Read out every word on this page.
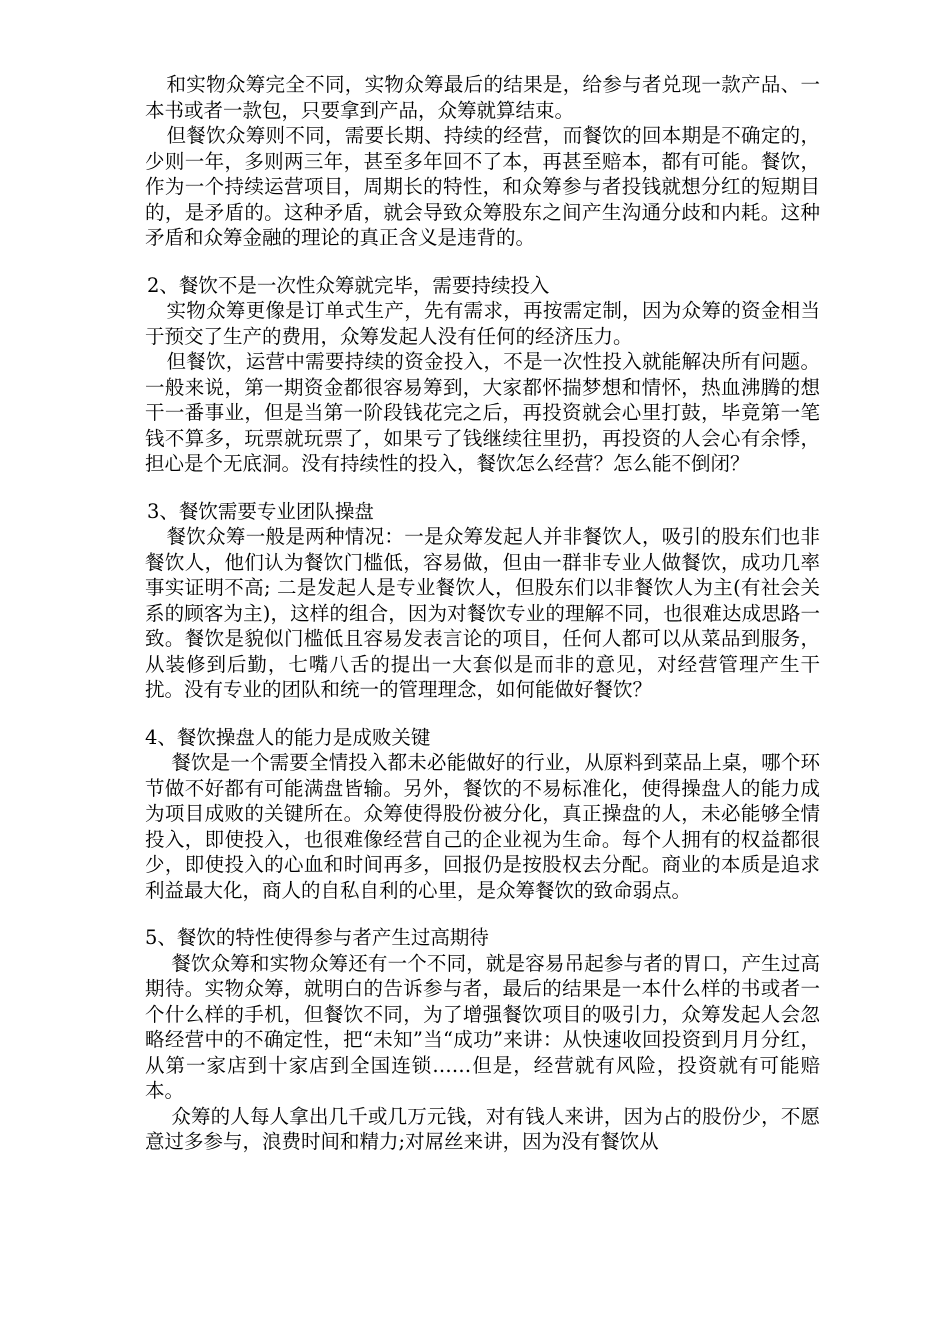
和实物众筹完全不同，实物众筹最后的结果是，给参与者兑现一款产品、一本书或者一款包，只要拿到产品，众筹就算结束。

但餐饮众筹则不同，需要长期、持续的经营，而餐饮的回本期是不确定的，少则一年，多则两三年，甚至多年回不了本，再甚至赔本，都有可能。餐饮，作为一个持续运营项目，周期长的特性，和众筹参与者投钱就想分红的短期目的，是矛盾的。这种矛盾，就会导致众筹股东之间产生沟通分歧和内耗。这种矛盾和众筹金融的理论的真正含义是违背的。

2、餐饮不是一次性众筹就完毕，需要持续投入

实物众筹更像是订单式生产，先有需求，再按需定制，因为众筹的资金相当于预交了生产的费用，众筹发起人没有任何的经济压力。

但餐饮，运营中需要持续的资金投入，不是一次性投入就能解决所有问题。一般来说，第一期资金都很容易筹到，大家都怀揣梦想和情怀，热血沸腾的想干一番事业，但是当第一阶段钱花完之后，再投资就会心里打鼓，毕竟第一笔钱不算多，玩票就玩票了，如果亏了钱继续往里扔，再投资的人会心有余悸，担心是个无底洞。没有持续性的投入，餐饮怎么经营？怎么能不倒闭？

3、餐饮需要专业团队操盘

餐饮众筹一般是两种情况：一是众筹发起人并非餐饮人，吸引的股东们也非餐饮人，他们认为餐饮门槛低，容易做，但由一群非专业人做餐饮，成功几率事实证明不高; 二是发起人是专业餐饮人，但股东们以非餐饮人为主(有社会关系的顾客为主)，这样的组合，因为对餐饮专业的理解不同，也很难达成思路一致。餐饮是貌似门槛低且容易发表言论的项目，任何人都可以从菜品到服务，从装修到后勤，七嘴八舌的提出一大套似是而非的意见，对经营管理产生干扰。没有专业的团队和统一的管理理念，如何能做好餐饮？

4、餐饮操盘人的能力是成败关键

餐饮是一个需要全情投入都未必能做好的行业，从原料到菜品上桌，哪个环节做不好都有可能满盘皆输。另外，餐饮的不易标准化，使得操盘人的能力成为项目成败的关键所在。众筹使得股份被分化，真正操盘的人，未必能够全情投入，即使投入，也很难像经营自己的企业视为生命。每个人拥有的权益都很少，即使投入的心血和时间再多，回报仍是按股权去分配。商业的本质是追求利益最大化，商人的自私自利的心里，是众筹餐饮的致命弱点。

5、餐饮的特性使得参与者产生过高期待

餐饮众筹和实物众筹还有一个不同，就是容易吊起参与者的胃口，产生过高期待。实物众筹，就明白的告诉参与者，最后的结果是一本什么样的书或者一个什么样的手机，但餐饮不同，为了增强餐饮项目的吸引力，众筹发起人会忽略经营中的不确定性，把“未知”当“成功”来讲：从快速收回投资到月月分红，从第一家店到十家店到全国连锁……但是，经营就有风险，投资就有可能赔本。

众筹的人每人拿出几千或几万元钱，对有钱人来讲，因为占的股份少，不愿意过多参与，浪费时间和精力;对屌丝来讲，因为没有餐饮从
